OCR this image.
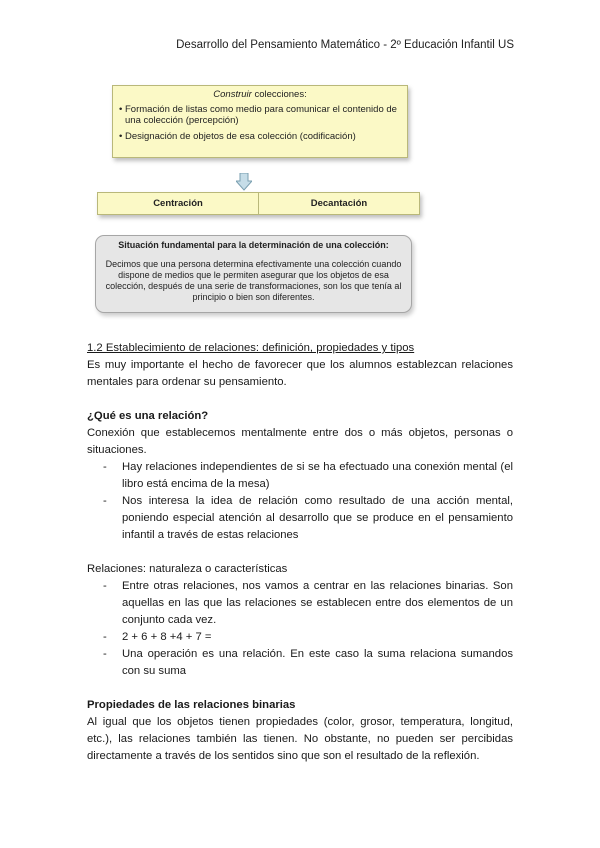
Desarrollo del Pensamiento Matemático - 2º Educación Infantil US
Construir colecciones:
• Formación de listas como medio para comunicar el contenido de una colección (percepción)
• Designación de objetos de esa colección (codificación)
Centración	Decantación
Situación fundamental para la determinación de una colección:
Decimos que una persona determina efectivamente una colección cuando dispone de medios que le permiten asegurar que los objetos de esa colección, después de una serie de transformaciones, son los que tenía al principio o bien son diferentes.

1.2 Establecimiento de relaciones: definición, propiedades y tipos

Es muy importante el hecho de favorecer que los alumnos establezcan relaciones mentales para ordenar su pensamiento.

¿Qué es una relación?

Conexión que establecemos mentalmente entre dos o más objetos, personas o situaciones.

- Hay relaciones independientes de si se ha efectuado una conexión mental (el libro está encima de la mesa)
- Nos interesa la idea de relación como resultado de una acción mental, poniendo especial atención al desarrollo que se produce en el pensamiento infantil a través de estas relaciones

Relaciones: naturaleza o características

- Entre otras relaciones, nos vamos a centrar en las relaciones binarias. Son aquellas en las que las relaciones se establecen entre dos elementos de un conjunto cada vez.
- 2 + 6 + 8 +4 + 7 =
- Una operación es una relación. En este caso la suma relaciona sumandos con su suma

Propiedades de las relaciones binarias

Al igual que los objetos tienen propiedades (color, grosor, temperatura, longitud, etc.), las relaciones también las tienen. No obstante, no pueden ser percibidas directamente a través de los sentidos sino que son el resultado de la reflexión.
